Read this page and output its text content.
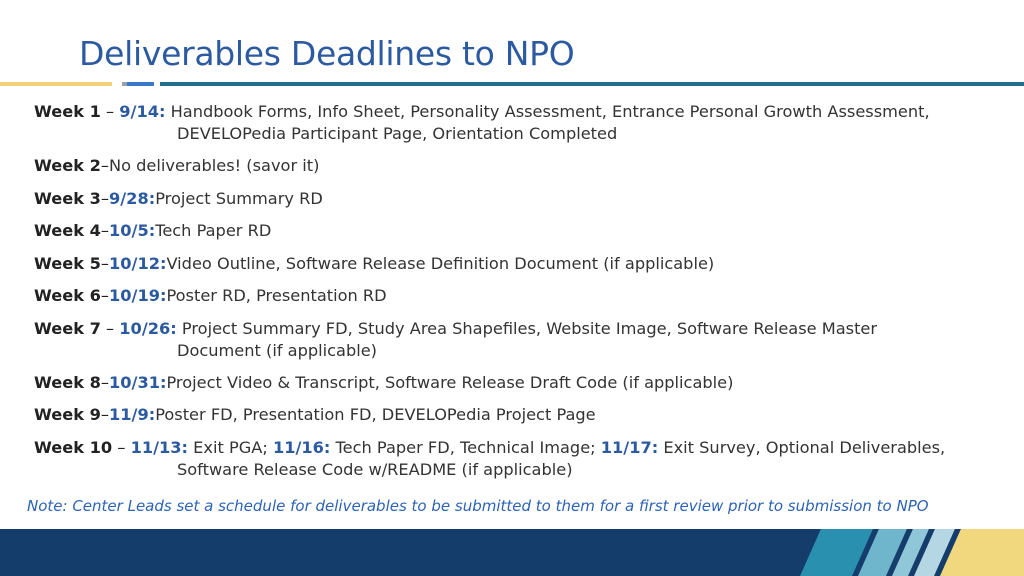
Deliverables Deadlines to NPO
Week 1 – 9/14: Handbook Forms, Info Sheet, Personality Assessment, Entrance Personal Growth Assessment,
DEVELOPedia Participant Page, Orientation Completed
Week 2 – No deliverables! (savor it)
Week 3 – 9/28: Project Summary RD
Week 4 – 10/5: Tech Paper RD
Week 5 – 10/12: Video Outline, Software Release Definition Document (if applicable)
Week 6 – 10/19: Poster RD, Presentation RD
Week 7 – 10/26: Project Summary FD, Study Area Shapefiles, Website Image, Software Release Master
Document (if applicable)
Week 8 – 10/31: Project Video & Transcript, Software Release Draft Code (if applicable)
Week 9 – 11/9: Poster FD, Presentation FD, DEVELOPedia Project Page
Week 10 – 11/13: Exit PGA; 11/16: Tech Paper FD, Technical Image; 11/17: Exit Survey, Optional Deliverables,
Software Release Code w/README (if applicable)
Note: Center Leads set a schedule for deliverables to be submitted to them for a first review prior to submission to NPO
